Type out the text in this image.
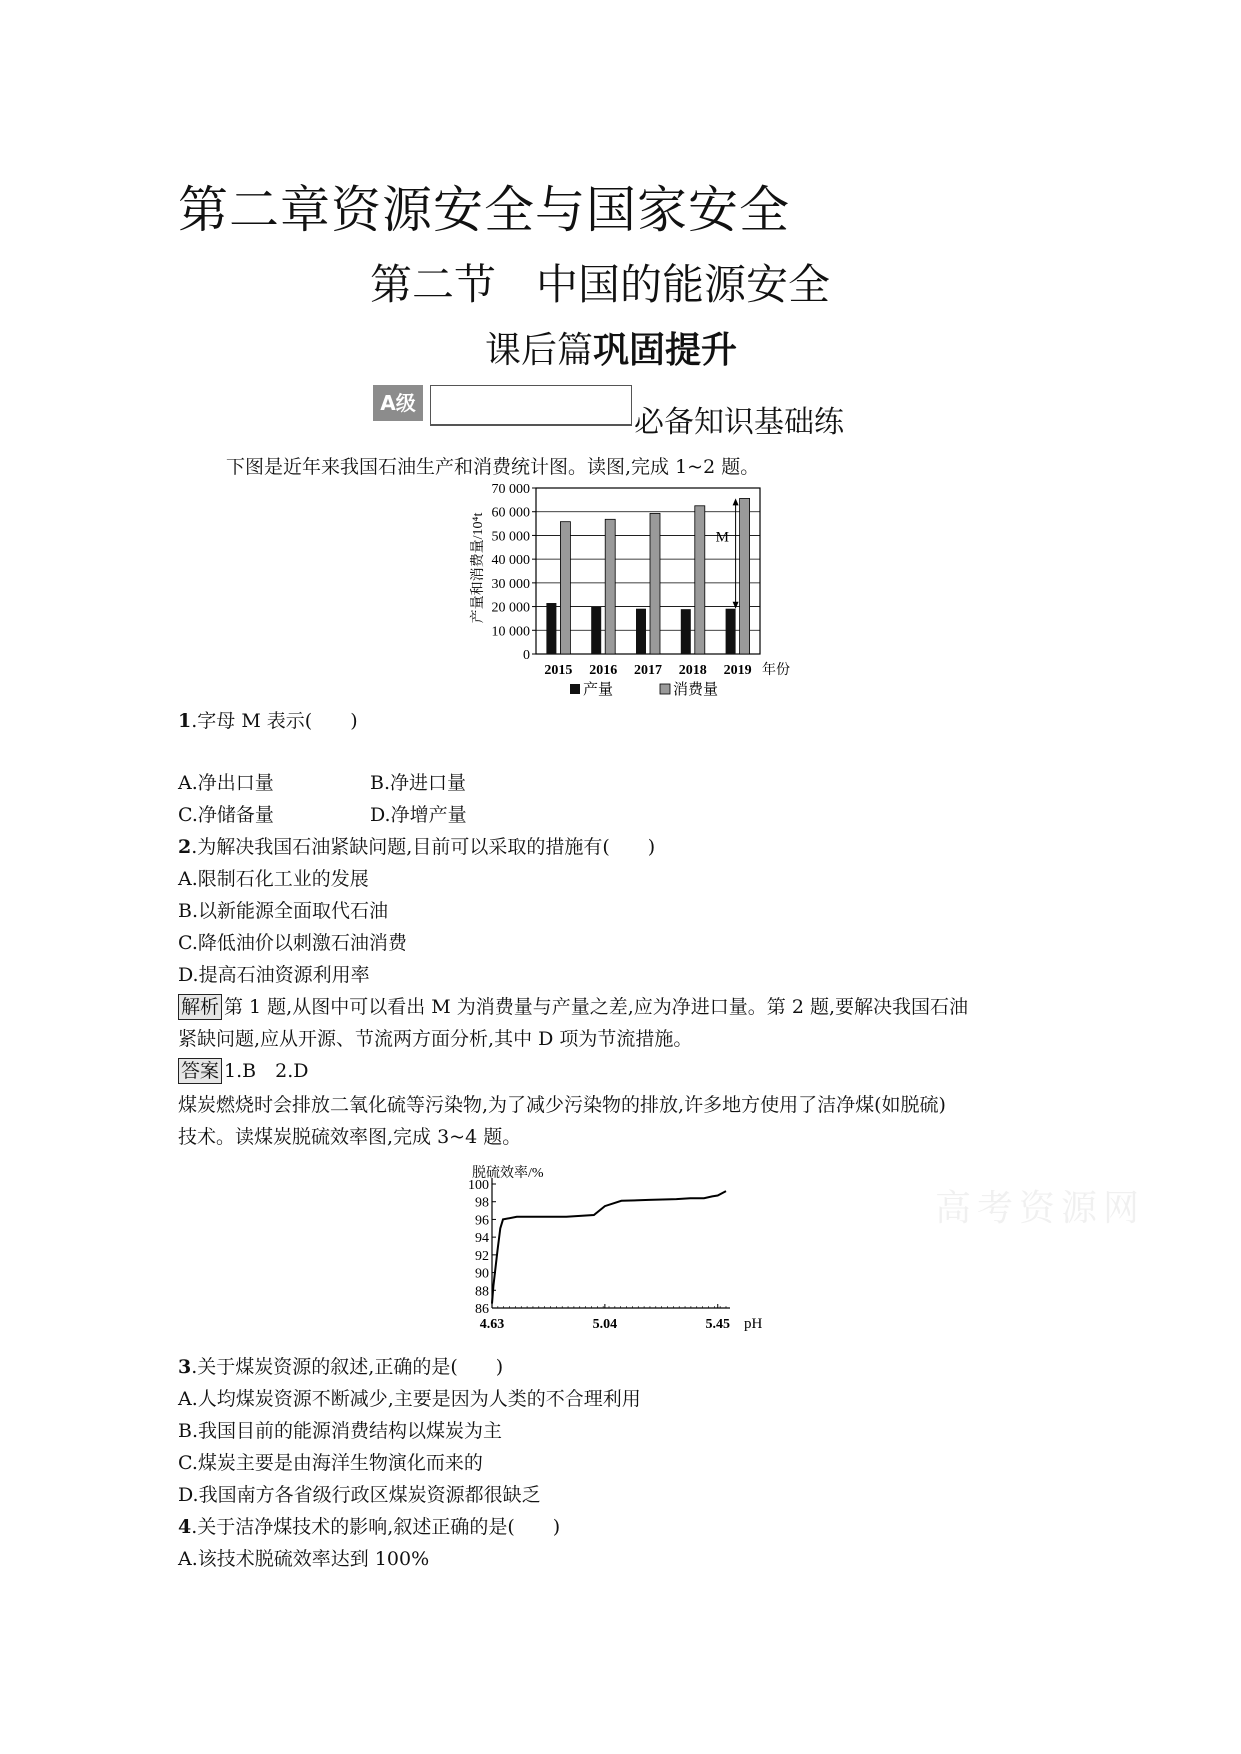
第二章资源安全与国家安全
第二节 中国的能源安全
课后篇巩固提升
A级
必备知识基础练
下图是近年来我国石油生产和消费统计图。读图,完成 1~2 题。
产量和消费量/10⁴t
0
10 000
20 000
30 000
40 000
50 000
60 000
70 000
2015 2016 2017 2018 2019 年份
M
产量	消费量
1.字母 M 表示(　　)
A.净出口量	B.净进口量
C.净储备量	D.净增产量
2.为解决我国石油紧缺问题,目前可以采取的措施有(　　)
A.限制石化工业的发展
B.以新能源全面取代石油
C.降低油价以刺激石油消费
D.提高石油资源利用率
解析 第 1 题,从图中可以看出 M 为消费量与产量之差,应为净进口量。第 2 题,要解决我国石油
紧缺问题,应从开源、节流两方面分析,其中 D 项为节流措施。
答案 1.B　2.D
煤炭燃烧时会排放二氧化硫等污染物,为了减少污染物的排放,许多地方使用了洁净煤(如脱硫)
技术。读煤炭脱硫效率图,完成 3~4 题。
脱硫效率/%
86
88
90
92
94
96
98
100
4.63	5.04	5.45 pH
高考资源网
3.关于煤炭资源的叙述,正确的是(　　)
A.人均煤炭资源不断减少,主要是因为人类的不合理利用
B.我国目前的能源消费结构以煤炭为主
C.煤炭主要是由海洋生物演化而来的
D.我国南方各省级行政区煤炭资源都很缺乏
4.关于洁净煤技术的影响,叙述正确的是(　　)
A.该技术脱硫效率达到 100%
